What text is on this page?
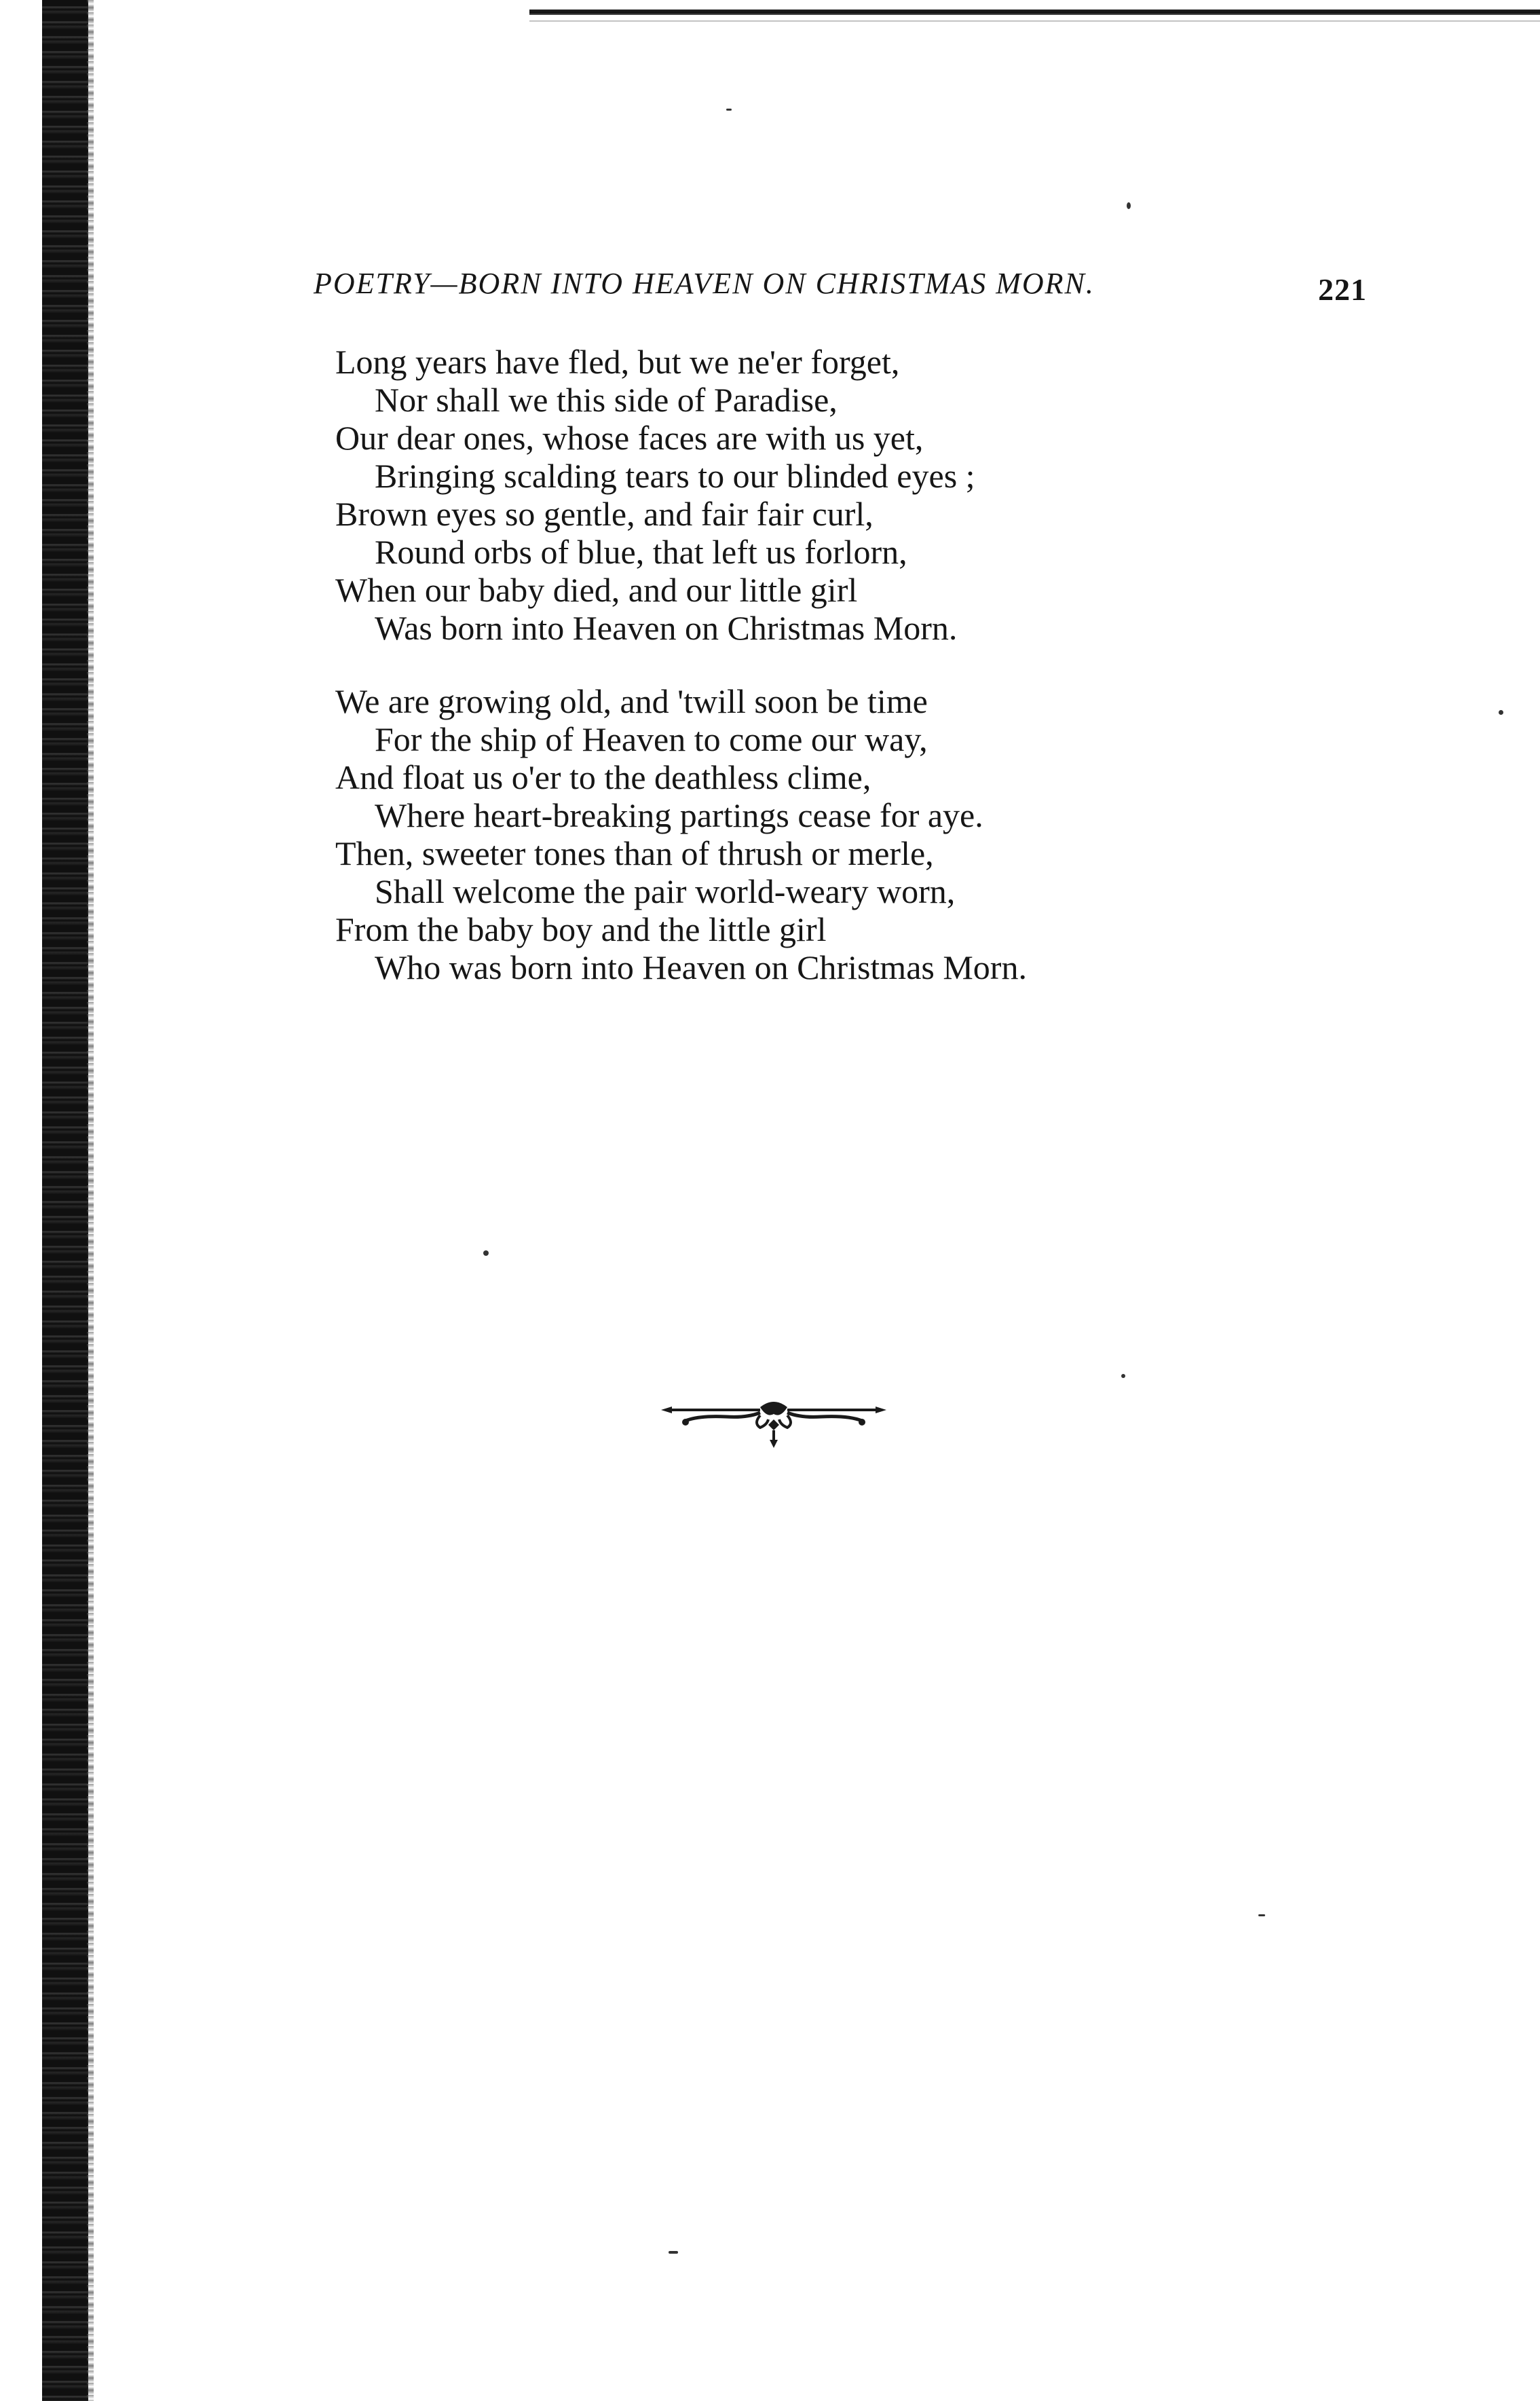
POETRY—BORN INTO HEAVEN ON CHRISTMAS MORN.	221
Long years have fled, but we ne'er forget,
Nor shall we this side of Paradise,
Our dear ones, whose faces are with us yet,
Bringing scalding tears to our blinded eyes ;
Brown eyes so gentle, and fair fair curl,
Round orbs of blue, that left us forlorn,
When our baby died, and our little girl
Was born into Heaven on Christmas Morn.
We are growing old, and 'twill soon be time
For the ship of Heaven to come our way,
And float us o'er to the deathless clime,
Where heart-breaking partings cease for aye.
Then, sweeter tones than of thrush or merle,
Shall welcome the pair world-weary worn,
From the baby boy and the little girl
Who was born into Heaven on Christmas Morn.
